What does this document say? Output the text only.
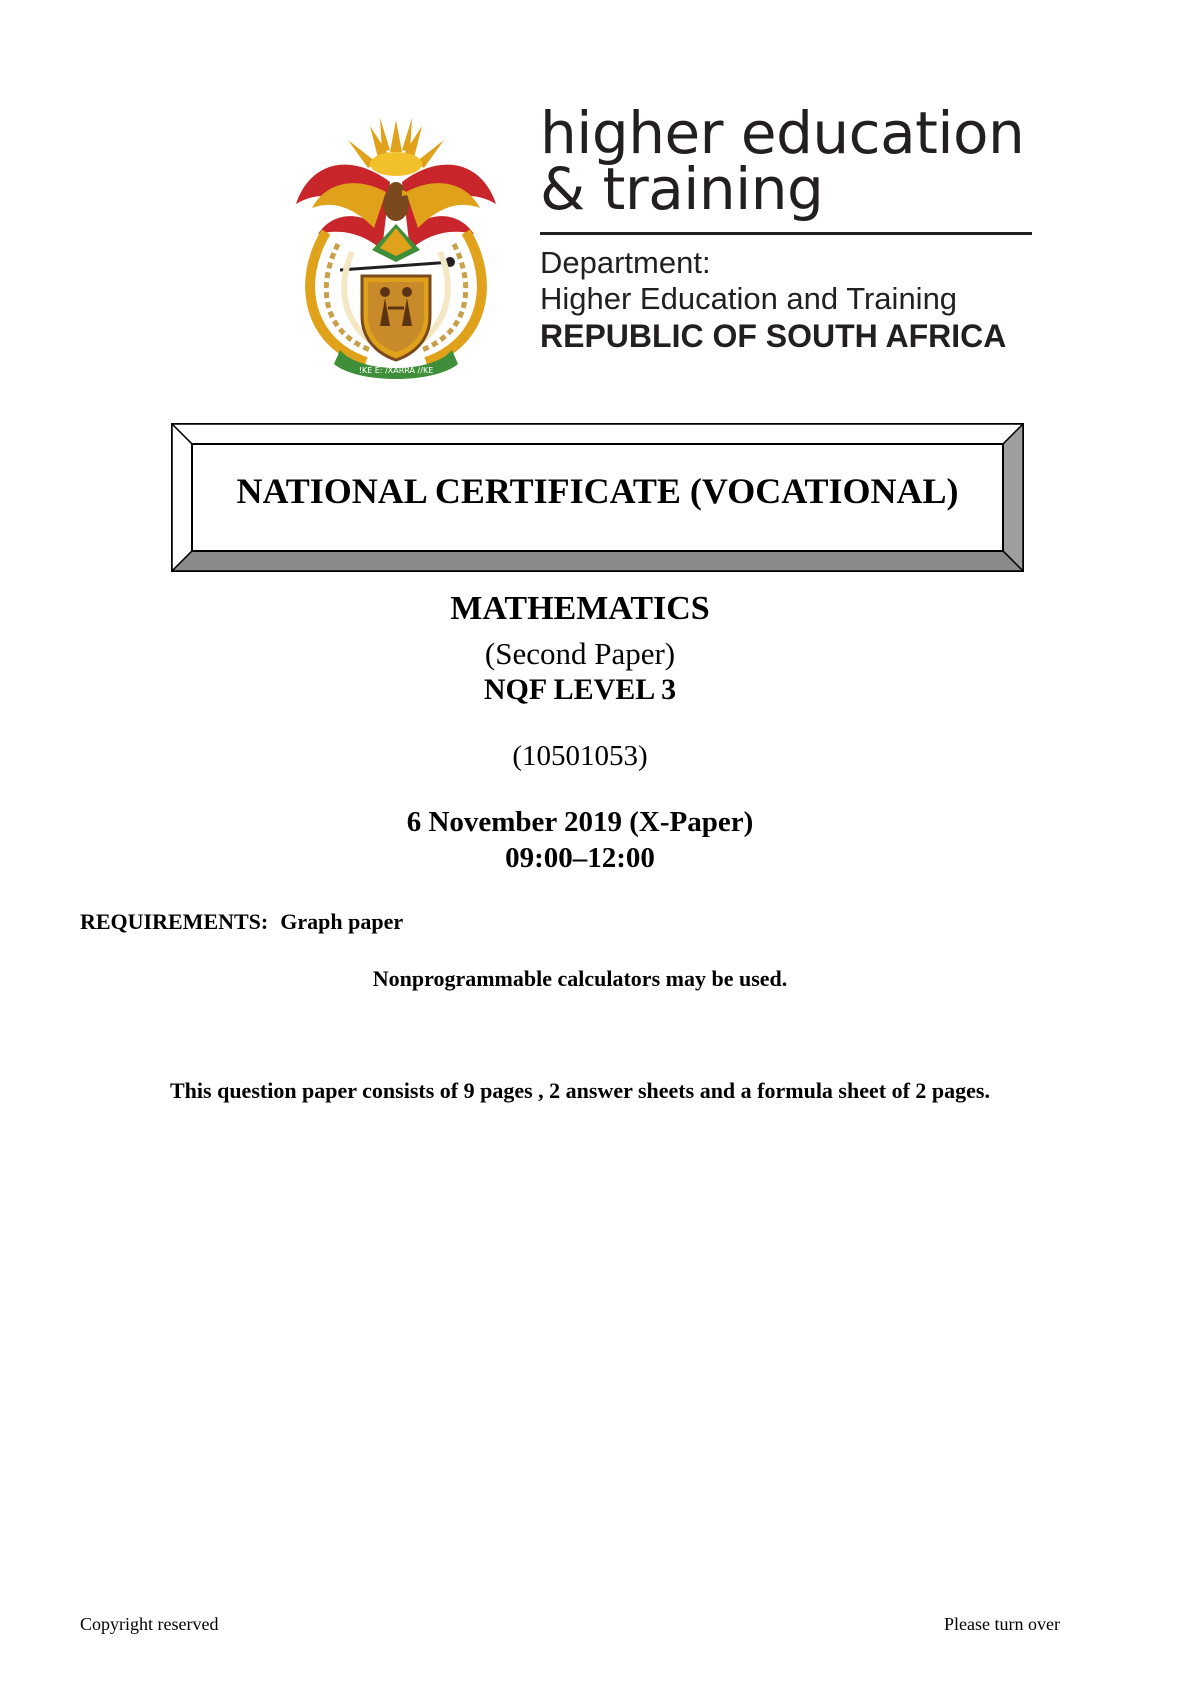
!KE E: /XARRA //KE
higher education
& training
Department:
Higher Education and Training
REPUBLIC OF SOUTH AFRICA
NATIONAL CERTIFICATE (VOCATIONAL)
MATHEMATICS
(Second Paper)
NQF LEVEL 3
(10501053)
6 November 2019 (X-Paper)
09:00–12:00
REQUIREMENTS: Graph paper
Nonprogrammable calculators may be used.
This question paper consists of 9 pages , 2 answer sheets and a formula sheet of 2 pages.
Copyright reserved	Please turn over
